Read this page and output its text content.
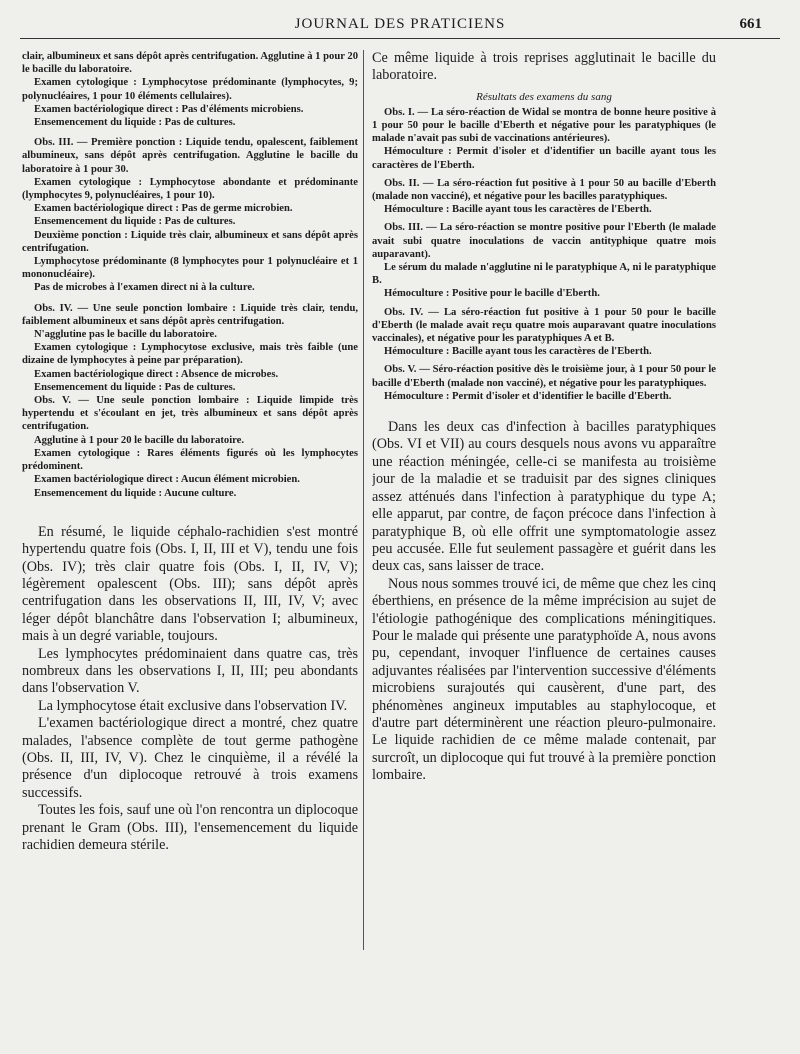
JOURNAL DES PRATICIENS	661

clair, albumineux et sans dépôt après centrifugation. Agglutine à 1 pour 20 le bacille du laboratoire.

Examen cytologique : Lymphocytose prédominante (lymphocytes, 9; polynucléaires, 1 pour 10 éléments cellulaires).

Examen bactériologique direct : Pas d'éléments microbiens.

Ensemencement du liquide : Pas de cultures.

Obs. III. — Première ponction : Liquide tendu, opalescent, faiblement albumineux, sans dépôt après centrifugation. Agglutine le bacille du laboratoire à 1 pour 30.

Examen cytologique : Lymphocytose abondante et prédominante (lymphocytes 9, polynucléaires, 1 pour 10).

Examen bactériologique direct : Pas de germe microbien.

Ensemencement du liquide : Pas de cultures.

Deuxième ponction : Liquide très clair, albumineux et sans dépôt après centrifugation.

Lymphocytose prédominante (8 lymphocytes pour 1 polynucléaire et 1 mononucléaire).

Pas de microbes à l'examen direct ni à la culture.

Obs. IV. — Une seule ponction lombaire : Liquide très clair, tendu, faiblement albumineux et sans dépôt après centrifugation.

N'agglutine pas le bacille du laboratoire.

Examen cytologique : Lymphocytose exclusive, mais très faible (une dizaine de lymphocytes à peine par préparation).

Examen bactériologique direct : Absence de microbes.

Ensemencement du liquide : Pas de cultures.

Obs. V. — Une seule ponction lombaire : Liquide limpide très hypertendu et s'écoulant en jet, très albumineux et sans dépôt après centrifugation.

Agglutine à 1 pour 20 le bacille du laboratoire.

Examen cytologique : Rares éléments figurés où les lymphocytes prédominent.

Examen bactériologique direct : Aucun élément microbien.

Ensemencement du liquide : Aucune culture.

En résumé, le liquide céphalo-rachidien s'est montré hypertendu quatre fois (Obs. I, II, III et V), tendu une fois (Obs. IV); très clair quatre fois (Obs. I, II, IV, V); légèrement opalescent (Obs. III); sans dépôt après centrifugation dans les observations II, III, IV, V; avec léger dépôt blanchâtre dans l'observation I; albumineux, mais à un degré variable, toujours.

Les lymphocytes prédominaient dans quatre cas, très nombreux dans les observations I, II, III; peu abondants dans l'observation V.

La lymphocytose était exclusive dans l'observation IV.

L'examen bactériologique direct a montré, chez quatre malades, l'absence complète de tout germe pathogène (Obs. II, III, IV, V). Chez le cinquième, il a révélé la présence d'un diplocoque retrouvé à trois examens successifs.

Toutes les fois, sauf une où l'on rencontra un diplocoque prenant le Gram (Obs. III), l'ensemencement du liquide rachidien demeura stérile.

Ce même liquide à trois reprises agglutinait le bacille du laboratoire.

Résultats des examens du sang

Obs. I. — La séro-réaction de Widal se montra de bonne heure positive à 1 pour 50 pour le bacille d'Eberth et négative pour les paratyphiques (le malade n'avait pas subi de vaccinations antérieures).

Hémoculture : Permit d'isoler et d'identifier un bacille ayant tous les caractères de l'Eberth.

Obs. II. — La séro-réaction fut positive à 1 pour 50 au bacille d'Eberth (malade non vacciné), et négative pour les bacilles paratyphiques.

Hémoculture : Bacille ayant tous les caractères de l'Eberth.

Obs. III. — La séro-réaction se montre positive pour l'Eberth (le malade avait subi quatre inoculations de vaccin antityphique quatre mois auparavant).

Le sérum du malade n'agglutine ni le paratyphique A, ni le paratyphique B.

Hémoculture : Positive pour le bacille d'Eberth.

Obs. IV. — La séro-réaction fut positive à 1 pour 50 pour le bacille d'Eberth (le malade avait reçu quatre mois auparavant quatre inoculations vaccinales), et négative pour les paratyphiques A et B.

Hémoculture : Bacille ayant tous les caractères de l'Eberth.

Obs. V. — Séro-réaction positive dès le troisième jour, à 1 pour 50 pour le bacille d'Eberth (malade non vacciné), et négative pour les paratyphiques.

Hémoculture : Permit d'isoler et d'identifier le bacille d'Eberth.

Dans les deux cas d'infection à bacilles paratyphiques (Obs. VI et VII) au cours desquels nous avons vu apparaître une réaction méningée, celle-ci se manifesta au troisième jour de la maladie et se traduisit par des signes cliniques assez atténués dans l'infection à paratyphique du type A; elle apparut, par contre, de façon précoce dans l'infection à paratyphique B, où elle offrit une symptomatologie assez peu accusée. Elle fut seulement passagère et guérit dans les deux cas, sans laisser de trace.

Nous nous sommes trouvé ici, de même que chez les cinq éberthiens, en présence de la même imprécision au sujet de l'étiologie pathogénique des complications méningitiques. Pour le malade qui présente une paratyphoïde A, nous avons pu, cependant, invoquer l'influence de certaines causes adjuvantes réalisées par l'intervention successive d'éléments microbiens surajoutés qui causèrent, d'une part, des phénomènes angineux imputables au staphylocoque, et d'autre part déterminèrent une réaction pleuro-pulmonaire. Le liquide rachidien de ce même malade contenait, par surcroît, un diplocoque qui fut trouvé à la première ponction lombaire.
